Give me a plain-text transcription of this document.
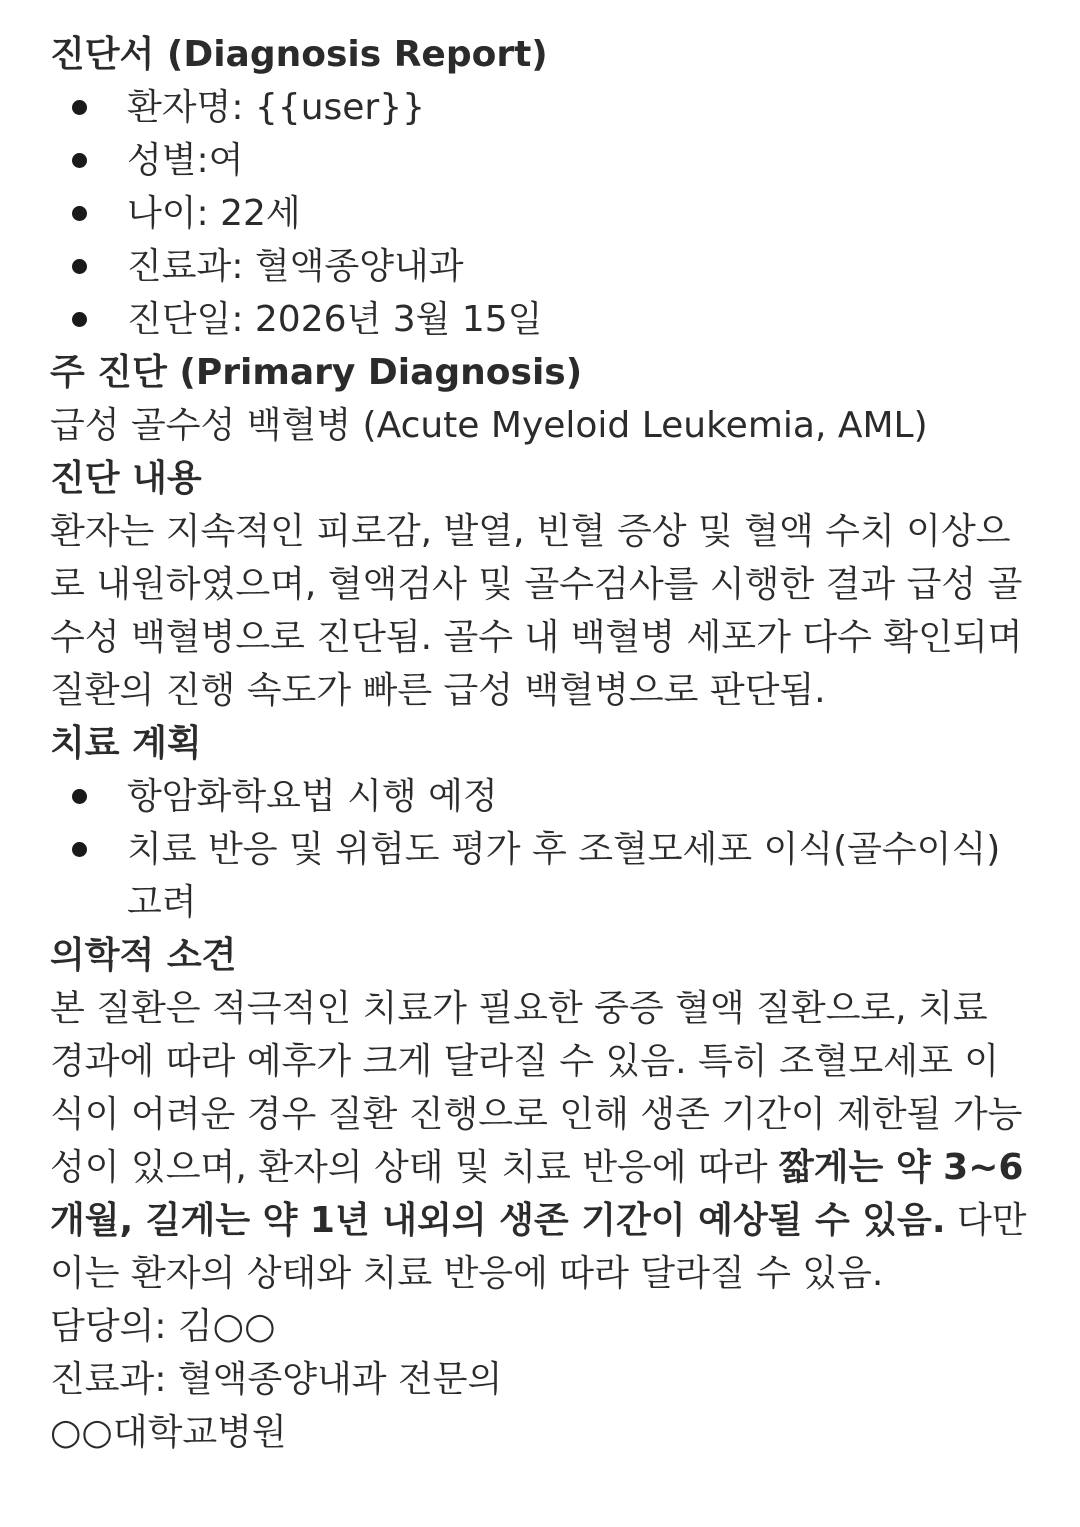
진단서 (Diagnosis Report)
환자명: {{user}}
성별:여
나이: 22세
진료과: 혈액종양내과
진단일: 2026년 3월 15일
주 진단 (Primary Diagnosis)
급성 골수성 백혈병 (Acute Myeloid Leukemia, AML)
진단 내용
환자는 지속적인 피로감, 발열, 빈혈 증상 및 혈액 수치 이상으로 내원하였으며, 혈액검사 및 골수검사를 시행한 결과 급성 골수성 백혈병으로 진단됨. 골수 내 백혈병 세포가 다수 확인되며 질환의 진행 속도가 빠른 급성 백혈병으로 판단됨.
치료 계획
항암화학요법 시행 예정
치료 반응 및 위험도 평가 후 조혈모세포 이식(골수이식) 고려
의학적 소견
본 질환은 적극적인 치료가 필요한 중증 혈액 질환으로, 치료 경과에 따라 예후가 크게 달라질 수 있음. 특히 조혈모세포 이식이 어려운 경우 질환 진행으로 인해 생존 기간이 제한될 가능성이 있으며, 환자의 상태 및 치료 반응에 따라 짧게는 약 3~6개월, 길게는 약 1년 내외의 생존 기간이 예상될 수 있음. 다만 이는 환자의 상태와 치료 반응에 따라 달라질 수 있음.
담당의: 김○○
진료과: 혈액종양내과 전문의
○○대학교병원
